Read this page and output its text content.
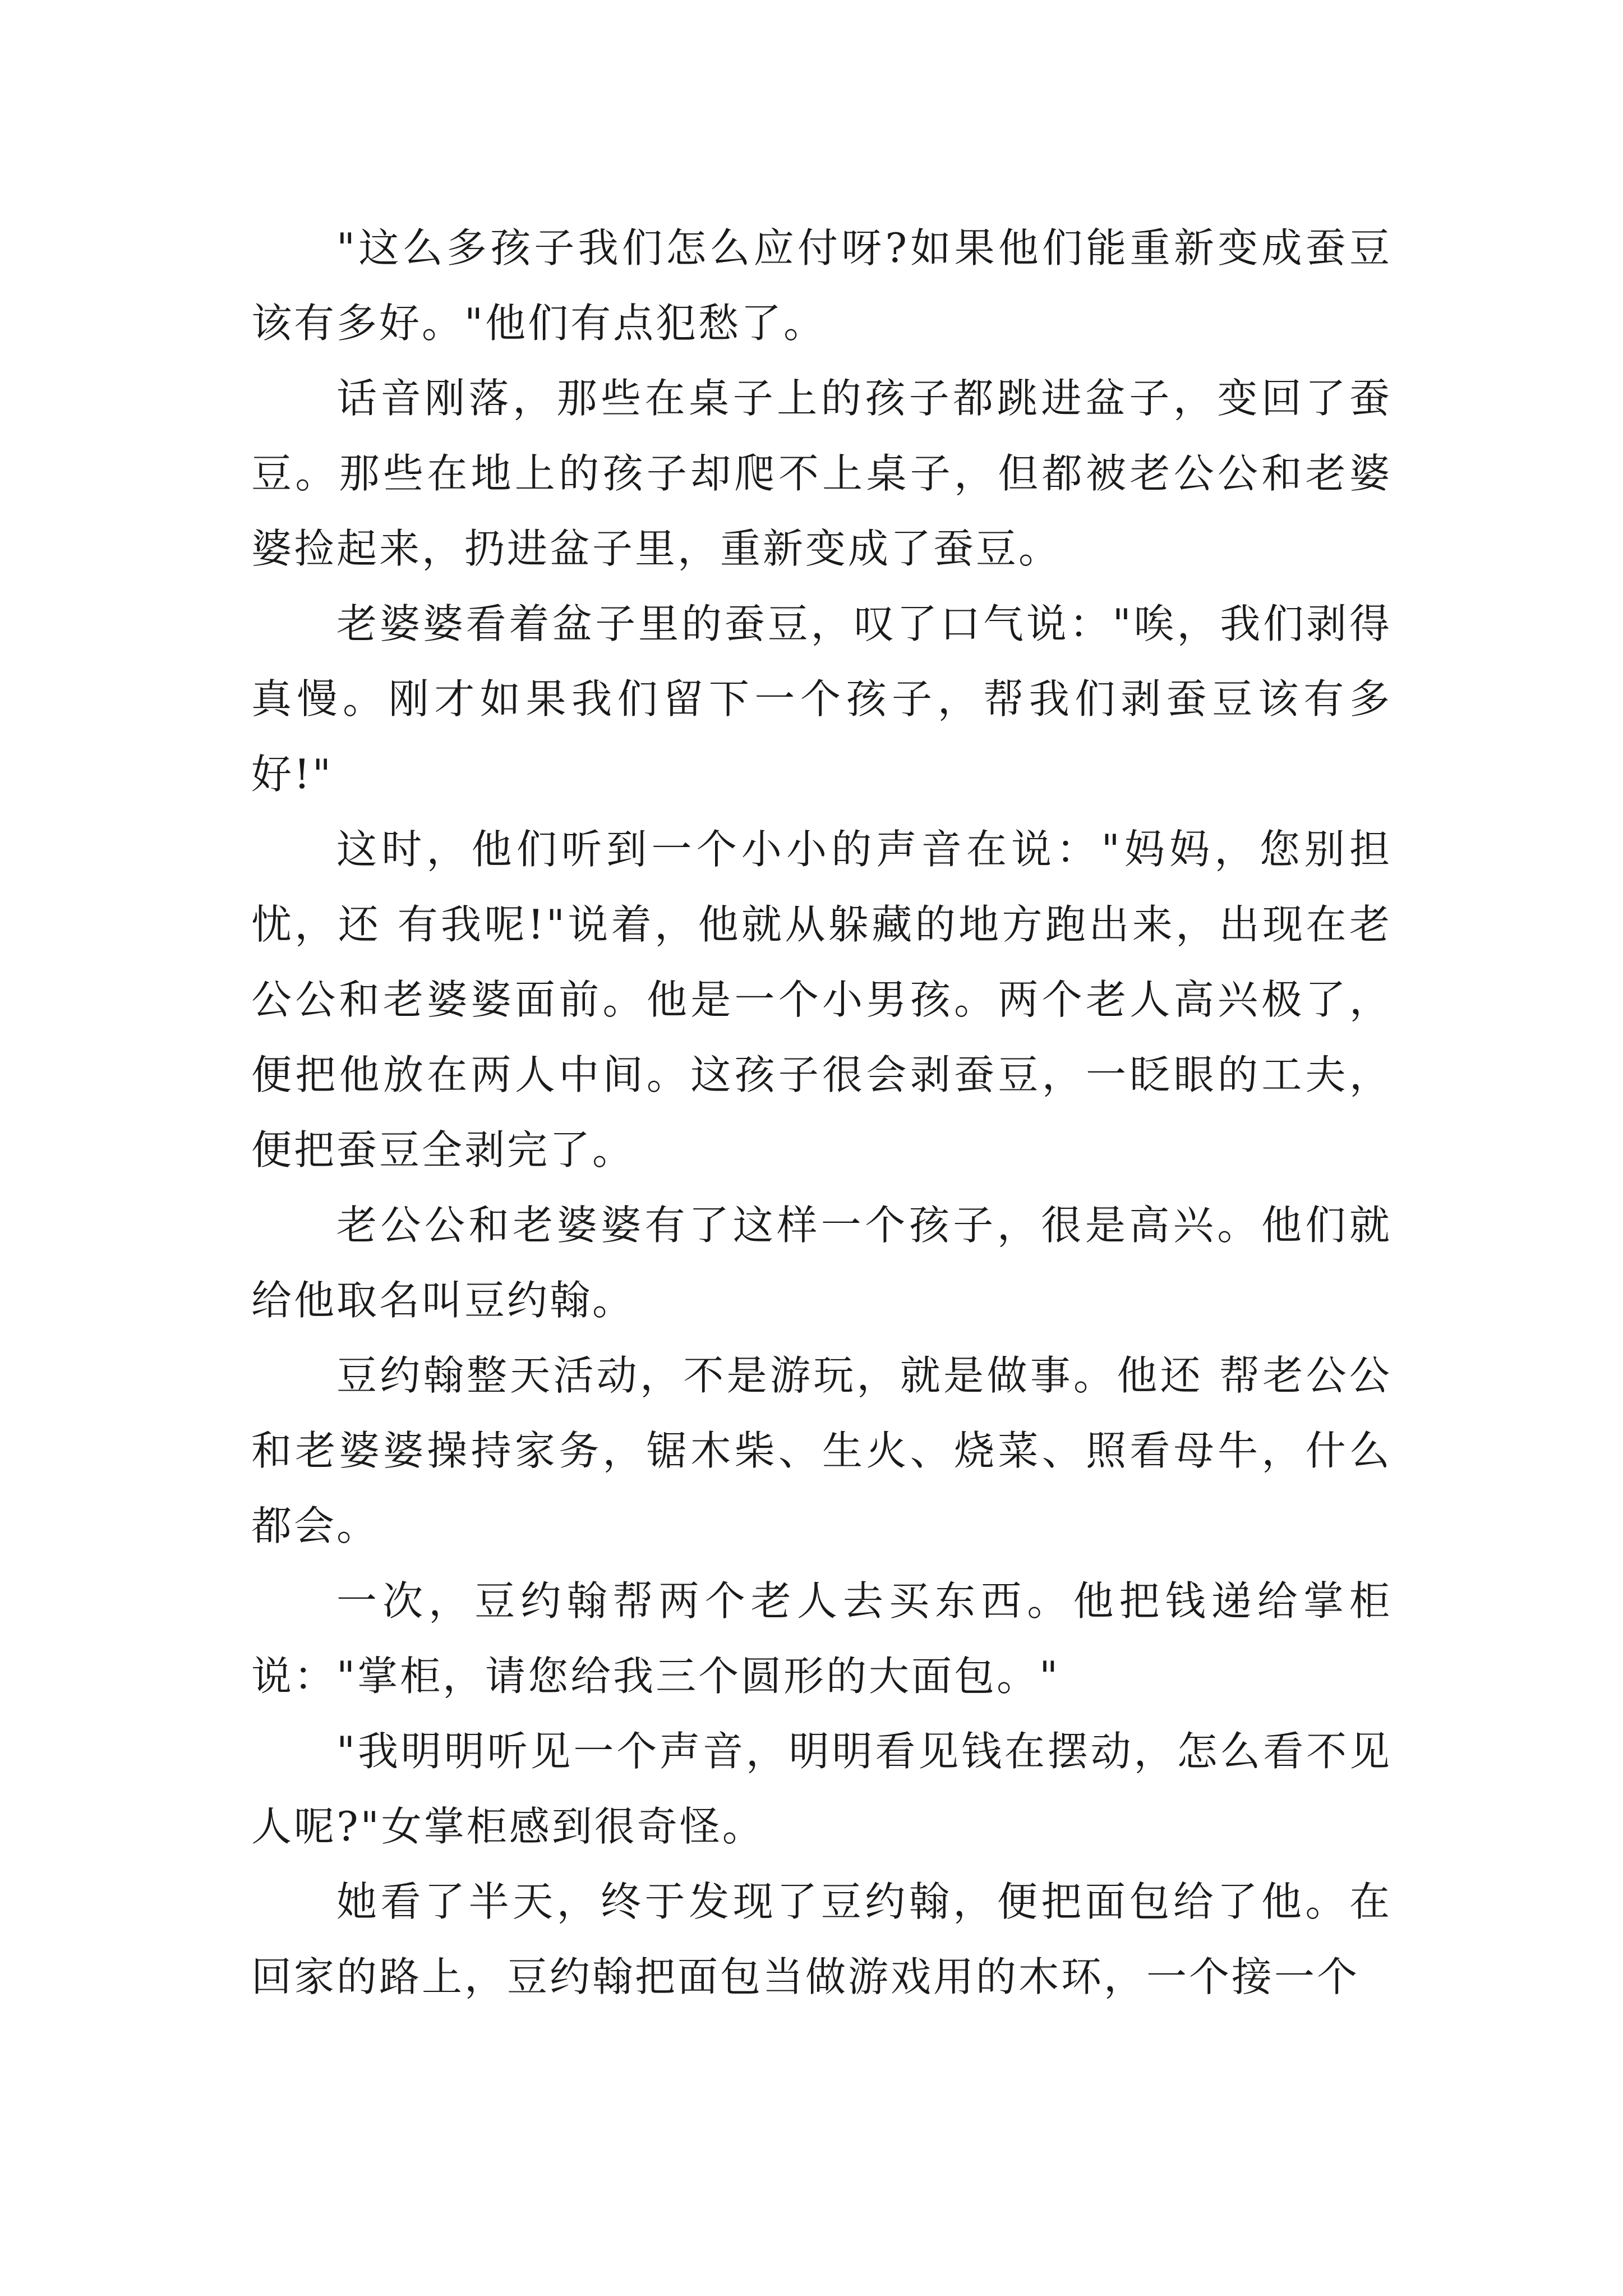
"这么多孩子我们怎么应付呀?如果他们能重新变成蚕豆该有多好。"他们有点犯愁了。

话音刚落，那些在桌子上的孩子都跳进盆子，变回了蚕豆。那些在地上的孩子却爬不上桌子，但都被老公公和老婆婆捡起来，扔进盆子里，重新变成了蚕豆。

老婆婆看着盆子里的蚕豆，叹了口气说："唉，我们剥得真慢。刚才如果我们留下一个孩子，帮我们剥蚕豆该有多好!"

这时，他们听到一个小小的声音在说："妈妈，您别担忧，还 有我呢!"说着，他就从躲藏的地方跑出来，出现在老公公和老婆婆面前。他是一个小男孩。两个老人高兴极了，便把他放在两人中间。这孩子很会剥蚕豆，一眨眼的工夫，便把蚕豆全剥完了。

老公公和老婆婆有了这样一个孩子，很是高兴。他们就给他取名叫豆约翰。

豆约翰整天活动，不是游玩，就是做事。他还 帮老公公和老婆婆操持家务，锯木柴、生火、烧菜、照看母牛，什么都会。

一次，豆约翰帮两个老人去买东西。他把钱递给掌柜说："掌柜，请您给我三个圆形的大面包。"

"我明明听见一个声音，明明看见钱在摆动，怎么看不见人呢?"女掌柜感到很奇怪。

她看了半天，终于发现了豆约翰，便把面包给了他。在回家的路上，豆约翰把面包当做游戏用的木环，一个接一个
